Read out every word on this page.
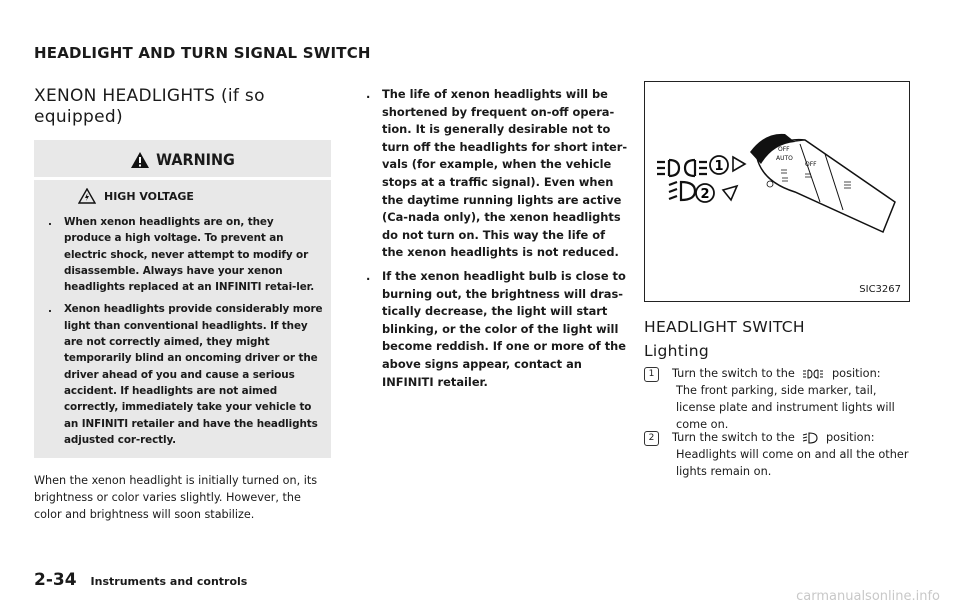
HEADLIGHT AND TURN SIGNAL SWITCH
XENON HEADLIGHTS (if so equipped)
WARNING
HIGH VOLTAGE
. When xenon headlights are on, they produce a high voltage. To prevent an electric shock, never attempt to modify or disassemble. Always have your xenon headlights replaced at an INFINITI retai-ler.
. Xenon headlights provide considerably more light than conventional headlights. If they are not correctly aimed, they might temporarily blind an oncoming driver or the driver ahead of you and cause a serious accident. If headlights are not aimed correctly, immediately take your vehicle to an INFINITI retailer and have the headlights adjusted cor-rectly.
When the xenon headlight is initially turned on, its brightness or color varies slightly. However, the color and brightness will soon stabilize.
. The life of xenon headlights will be shortened by frequent on-off opera-tion. It is generally desirable not to turn off the headlights for short inter-vals (for example, when the vehicle stops at a traffic signal). Even when the daytime running lights are active (Ca-nada only), the xenon headlights do not turn on. This way the life of the xenon headlights is not reduced.
. If the xenon headlight bulb is close to burning out, the brightness will dras-tically decrease, the light will start blinking, or the color of the light will become reddish. If one or more of the above signs appear, contact an INFINITI retailer.
OFF
AUTO
OFF
1
2
SIC3267
HEADLIGHT SWITCH
Lighting
1 Turn the switch to the	position:
The front parking, side marker, tail, license plate and instrument lights will come on.
2 Turn the switch to the	position:
Headlights will come on and all the other lights remain on.
2-34 Instruments and controls
carmanualsonline.info
